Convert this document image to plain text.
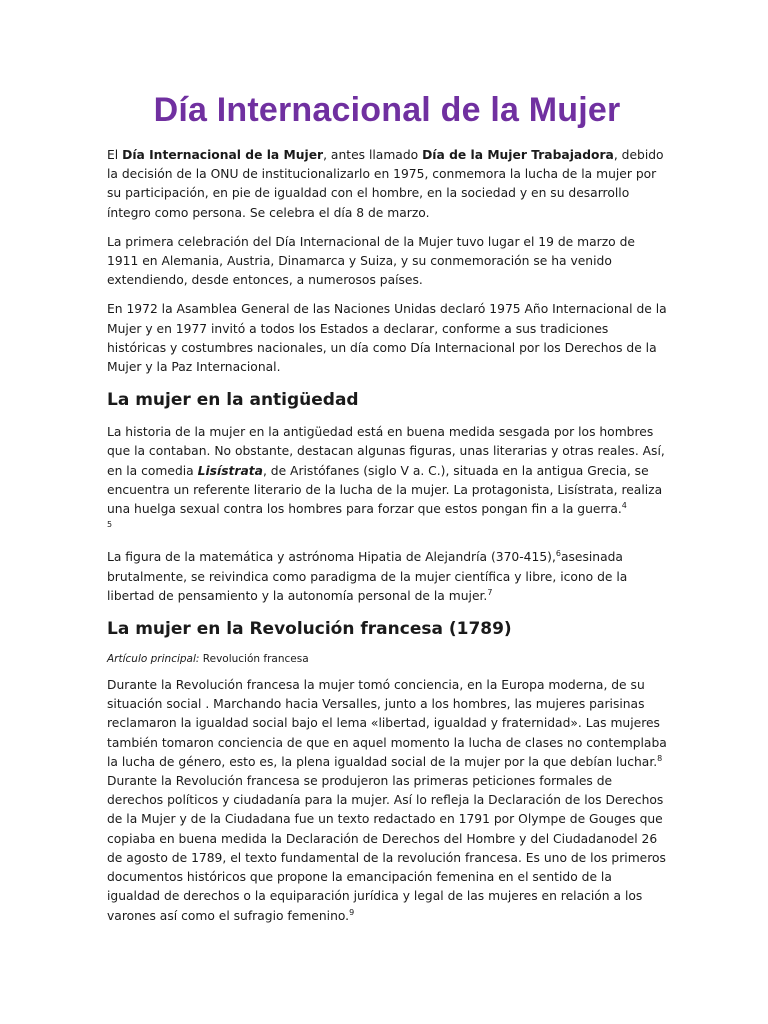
Día Internacional de la Mujer

El Día Internacional de la Mujer, antes llamado Día de la Mujer Trabajadora, debido la decisión de la ONU de institucionalizarlo en 1975, conmemora la lucha de la mujer por su participación, en pie de igualdad con el hombre, en la sociedad y en su desarrollo íntegro como persona. Se celebra el día 8 de marzo.

La primera celebración del Día Internacional de la Mujer tuvo lugar el 19 de marzo de 1911 en Alemania, Austria, Dinamarca y Suiza, y su conmemoración se ha venido extendiendo, desde entonces, a numerosos países.

En 1972 la Asamblea General de las Naciones Unidas declaró 1975 Año Internacional de la Mujer y en 1977 invitó a todos los Estados a declarar, conforme a sus tradiciones históricas y costumbres nacionales, un día como Día Internacional por los Derechos de la Mujer y la Paz Internacional.

La mujer en la antigüedad

La historia de la mujer en la antigüedad está en buena medida sesgada por los hombres que la contaban. No obstante, destacan algunas figuras, unas literarias y otras reales. Así, en la comedia Lisístrata, de Aristófanes (siglo V a. C.), situada en la antigua Grecia, se encuentra un referente literario de la lucha de la mujer. La protagonista, Lisístrata, realiza una huelga sexual contra los hombres para forzar que estos pongan fin a la guerra.$^4$
$^5$

La figura de la matemática y astrónoma Hipatia de Alejandría (370-415),$^6$asesinada brutalmente, se reivindica como paradigma de la mujer científica y libre, icono de la libertad de pensamiento y la autonomía personal de la mujer.$^7$

La mujer en la Revolución francesa (1789)

Artículo principal: Revolución francesa

Durante la Revolución francesa la mujer tomó conciencia, en la Europa moderna, de su situación social . Marchando hacia Versalles, junto a los hombres, las mujeres parisinas reclamaron la igualdad social bajo el lema «libertad, igualdad y fraternidad». Las mujeres también tomaron conciencia de que en aquel momento la lucha de clases no contemplaba la lucha de género, esto es, la plena igualdad social de la mujer por la que debían luchar.$^8$
Durante la Revolución francesa se produjeron las primeras peticiones formales de derechos políticos y ciudadanía para la mujer. Así lo refleja la Declaración de los Derechos de la Mujer y de la Ciudadana fue un texto redactado en 1791 por Olympe de Gouges que copiaba en buena medida la Declaración de Derechos del Hombre y del Ciudadanodel 26 de agosto de 1789, el texto fundamental de la revolución francesa. Es uno de los primeros documentos históricos que propone la emancipación femenina en el sentido de la igualdad de derechos o la equiparación jurídica y legal de las mujeres en relación a los varones así como el sufragio femenino.$^9$
